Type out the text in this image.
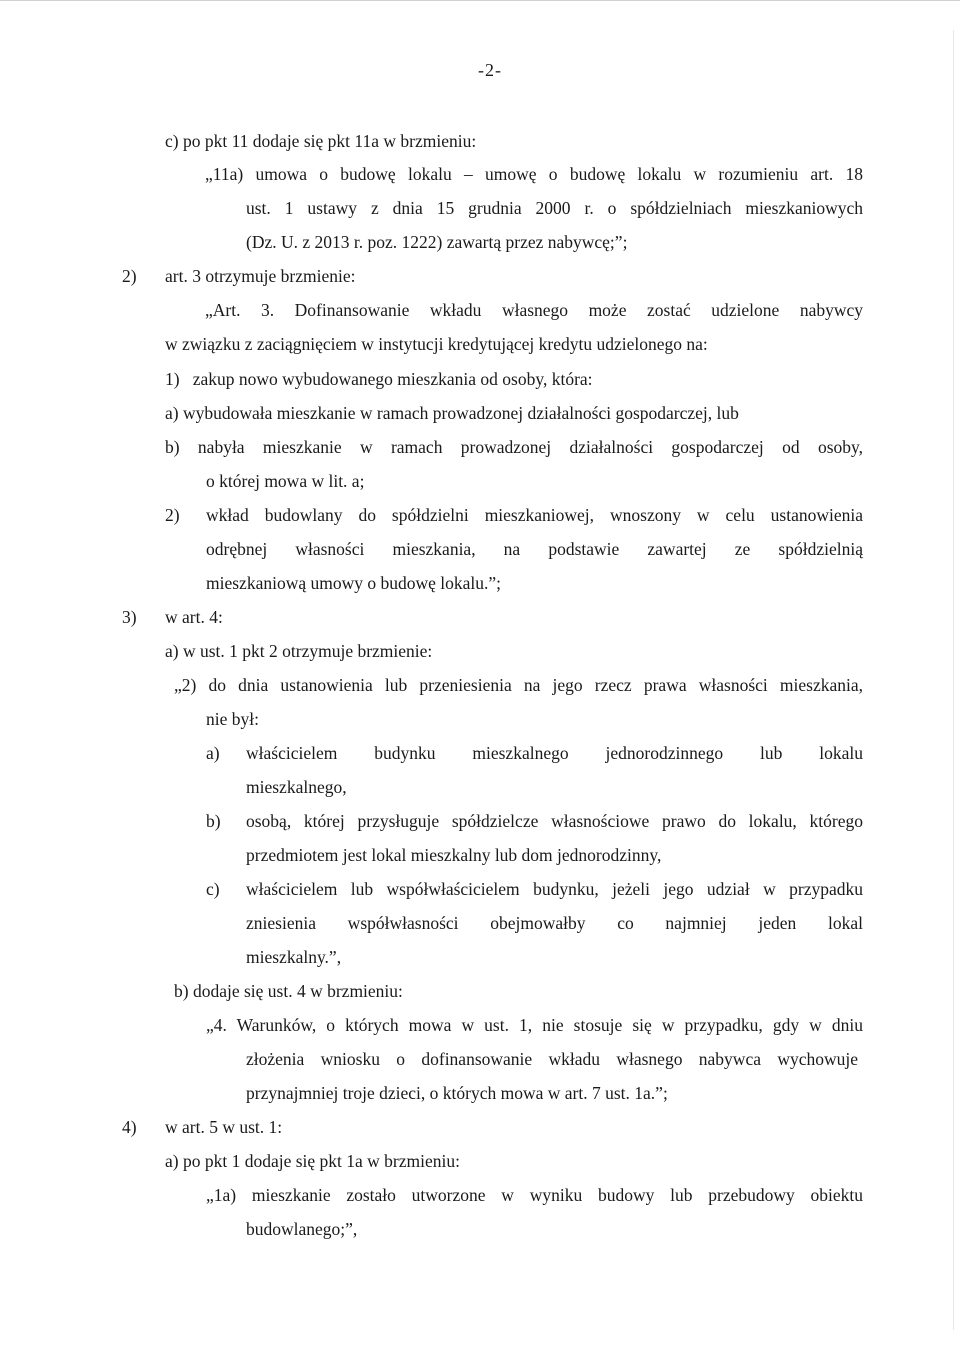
-2-
c) po pkt 11 dodaje się pkt 11a w brzmieniu:
„11a) umowa o budowę lokalu – umowę o budowę lokalu w rozumieniu art. 18
ust. 1 ustawy z dnia 15 grudnia 2000 r. o spółdzielniach mieszkaniowych
(Dz. U. z 2013 r. poz. 1222) zawartą przez nabywcę;”;
2) art. 3 otrzymuje brzmienie:
„Art. 3. Dofinansowanie wkładu własnego może zostać udzielone nabywcy
w związku z zaciągnięciem w instytucji kredytującej kredytu udzielonego na:
1)   zakup nowo wybudowanego mieszkania od osoby, która:
a) wybudowała mieszkanie w ramach prowadzonej działalności gospodarczej, lub
b) nabyła mieszkanie w ramach prowadzonej działalności gospodarczej od osoby,
o której mowa w lit. a;
2) wkład budowlany do spółdzielni mieszkaniowej, wnoszony w celu ustanowienia
odrębnej własności mieszkania, na podstawie zawartej ze spółdzielnią
mieszkaniową umowy o budowę lokalu.”;
3) w art. 4:
a) w ust. 1 pkt 2 otrzymuje brzmienie:
„2) do dnia ustanowienia lub przeniesienia na jego rzecz prawa własności mieszkania,
nie był:
a) właścicielem budynku mieszkalnego jednorodzinnego lub lokalu
mieszkalnego,
b) osobą, której przysługuje spółdzielcze własnościowe prawo do lokalu, którego
przedmiotem jest lokal mieszkalny lub dom jednorodzinny,
c) właścicielem lub współwłaścicielem budynku, jeżeli jego udział w przypadku
zniesienia współwłasności obejmowałby co najmniej jeden lokal
mieszkalny.”,
b) dodaje się ust. 4 w brzmieniu:
„4. Warunków, o których mowa w ust. 1, nie stosuje się w przypadku, gdy w dniu
złożenia wniosku o dofinansowanie wkładu własnego nabywca wychowuje
przynajmniej troje dzieci, o których mowa w art. 7 ust. 1a.”;
4) w art. 5 w ust. 1:
a) po pkt 1 dodaje się pkt 1a w brzmieniu:
„1a) mieszkanie zostało utworzone w wyniku budowy lub przebudowy obiektu
budowlanego;”,
